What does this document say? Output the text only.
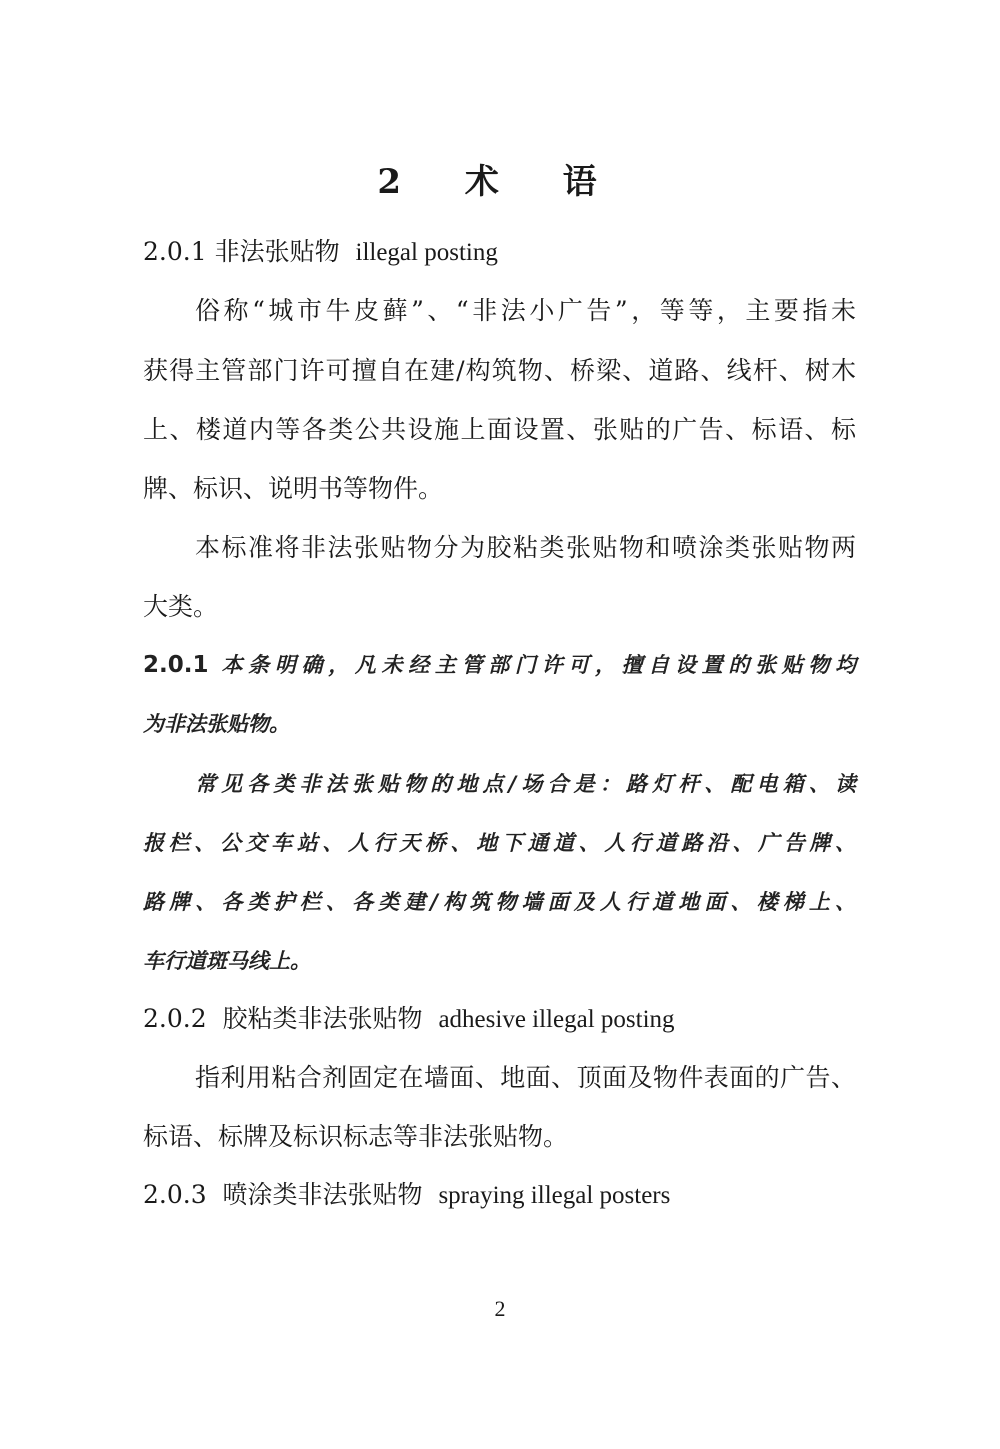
2 术 语
2.0.1 非法张贴物 illegal posting
俗称“城市牛皮藓”、“非法小广告”，等等，主要指未
获得主管部门许可擅自在建/构筑物、桥梁、道路、线杆、树木
上、楼道内等各类公共设施上面设置、张贴的广告、标语、标
牌、标识、说明书等物件。
本标准将非法张贴物分为胶粘类张贴物和喷涂类张贴物两
大类。
2.0.1 本条明确，凡未经主管部门许可，擅自设置的张贴物均
为非法张贴物。
常见各类非法张贴物的地点/场合是：路灯杆、配电箱、读
报栏、公交车站、人行天桥、地下通道、人行道路沿、广告牌、
路牌、各类护栏、各类建/构筑物墙面及人行道地面、楼梯上、
车行道斑马线上。
2.0.2 胶粘类非法张贴物 adhesive illegal posting
指利用粘合剂固定在墙面、地面、顶面及物件表面的广告、
标语、标牌及标识标志等非法张贴物。
2.0.3 喷涂类非法张贴物 spraying illegal posters
2
